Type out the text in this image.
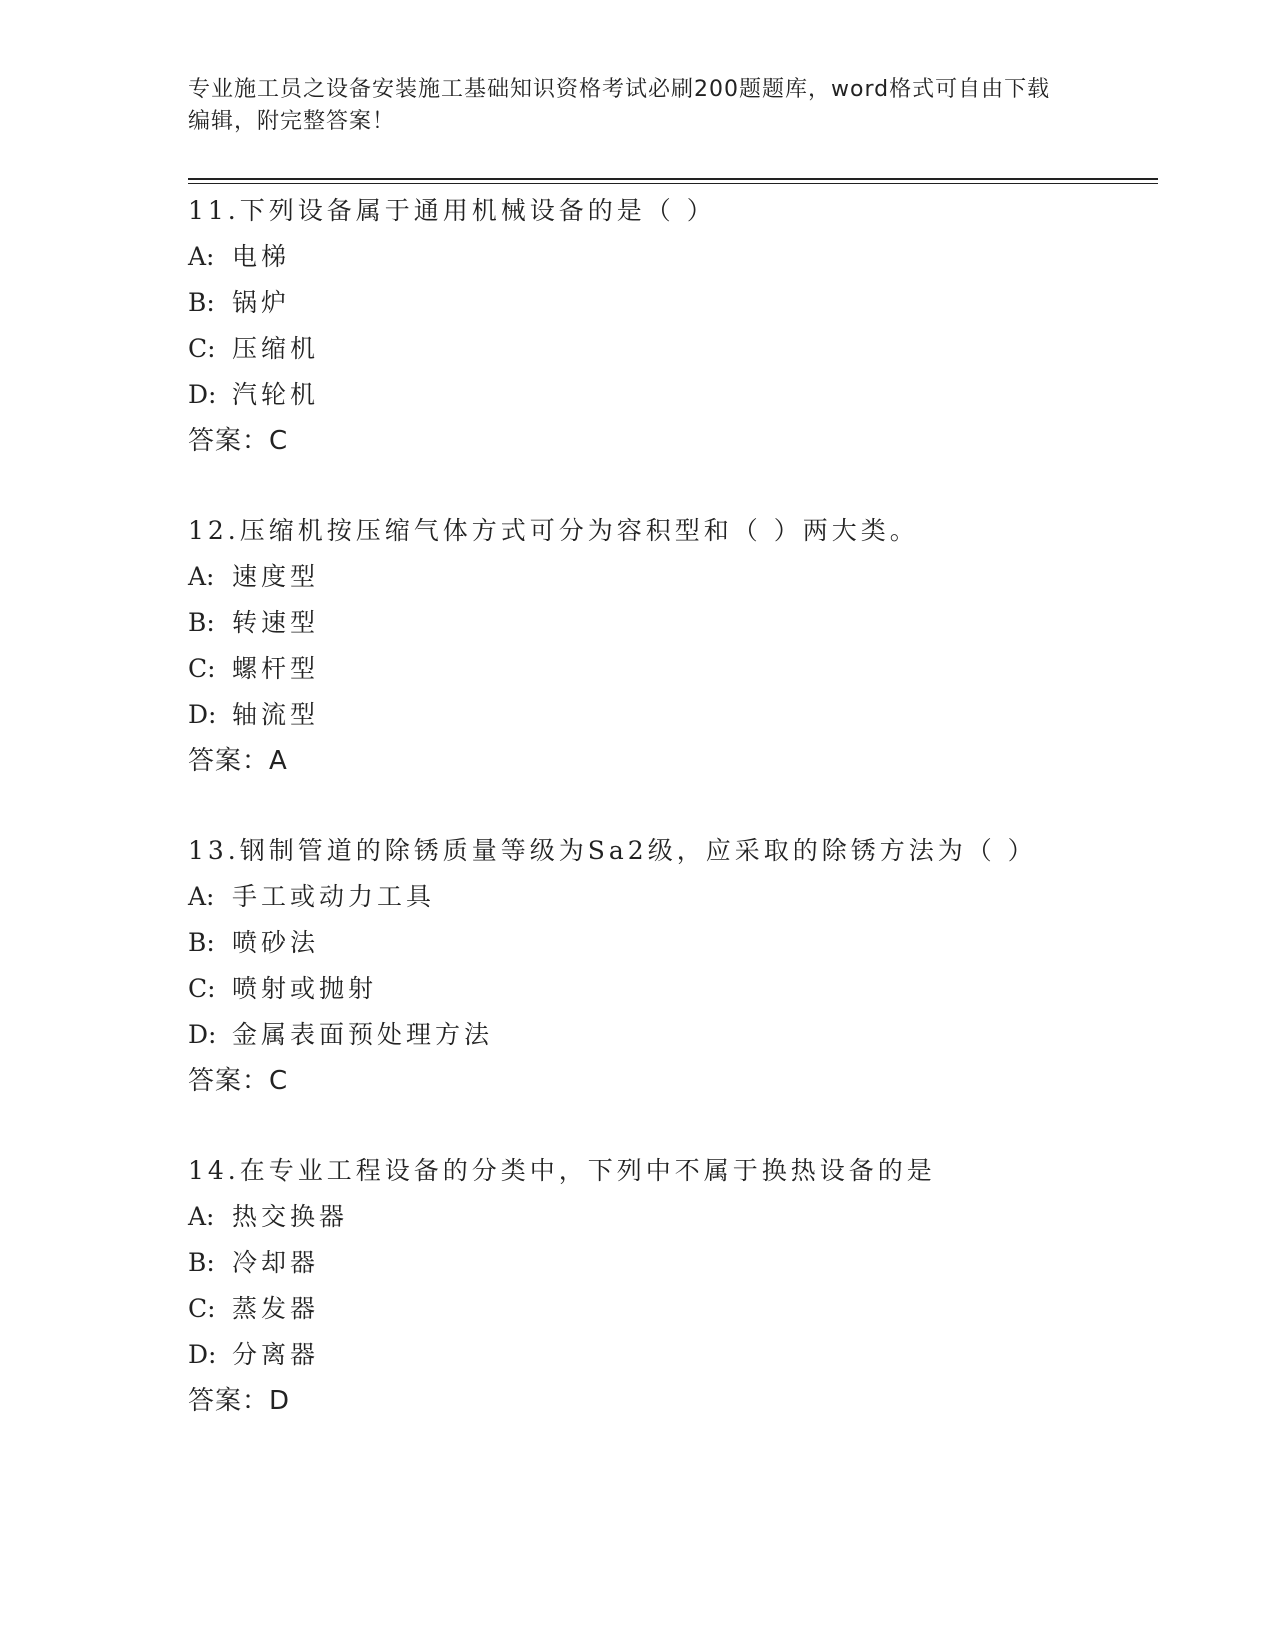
专业施工员之设备安装施工基础知识资格考试必刷200题题库，word格式可自由下载编辑，附完整答案！
11.下列设备属于通用机械设备的是（ ）
A: 电梯
B: 锅炉
C: 压缩机
D: 汽轮机
答案：C
12.压缩机按压缩气体方式可分为容积型和（ ）两大类。
A: 速度型
B: 转速型
C: 螺杆型
D: 轴流型
答案：A
13.钢制管道的除锈质量等级为Sa2级，应采取的除锈方法为（ ）
A: 手工或动力工具
B: 喷砂法
C: 喷射或抛射
D: 金属表面预处理方法
答案：C
14.在专业工程设备的分类中，下列中不属于换热设备的是
A: 热交换器
B: 冷却器
C: 蒸发器
D: 分离器
答案：D
